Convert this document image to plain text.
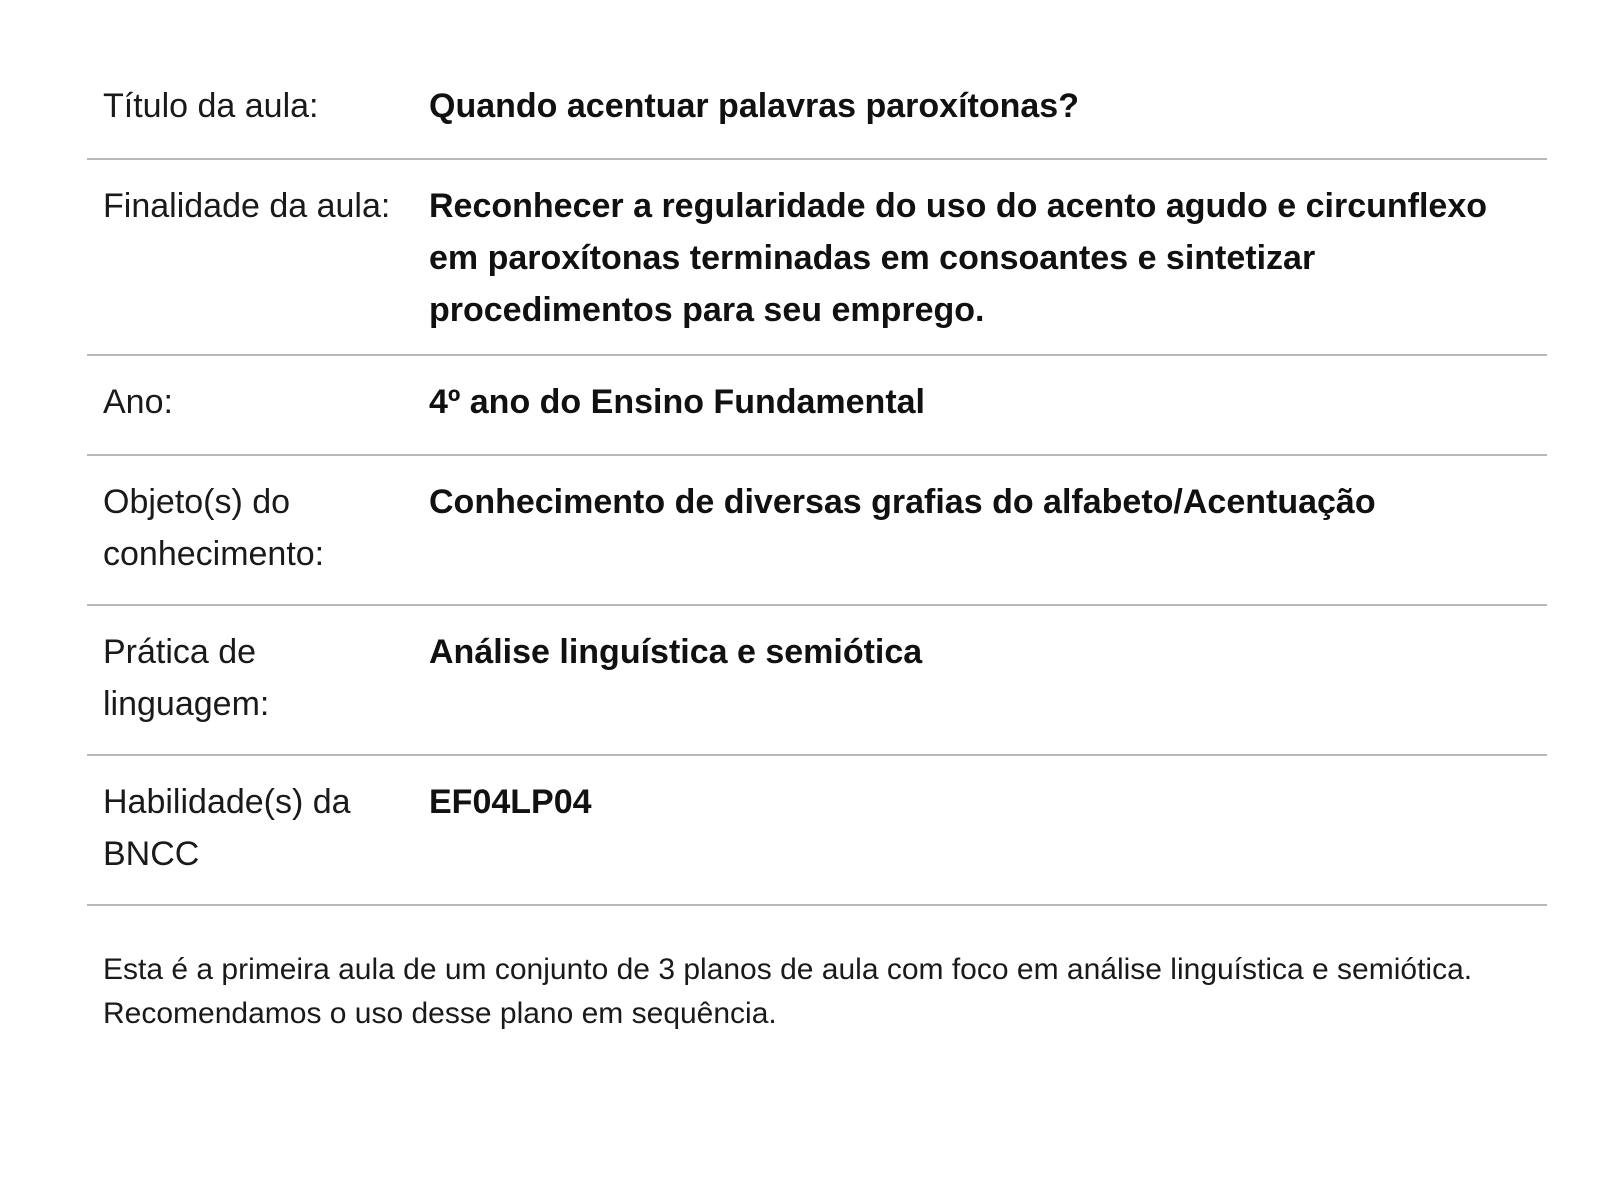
Título da aula:	Quando acentuar palavras paroxítonas?
Finalidade da aula:	Reconhecer a regularidade do uso do acento agudo e circunflexo em paroxítonas terminadas em consoantes e sintetizar procedimentos para seu emprego.
Ano:	4º ano do Ensino Fundamental
Objeto(s) do conhecimento:	Conhecimento de diversas grafias do alfabeto/Acentuação
Prática de linguagem:	Análise linguística e semiótica
Habilidade(s) da BNCC	EF04LP04

Esta é a primeira aula de um conjunto de 3 planos de aula com foco em análise linguística e semiótica. Recomendamos o uso desse plano em sequência.
